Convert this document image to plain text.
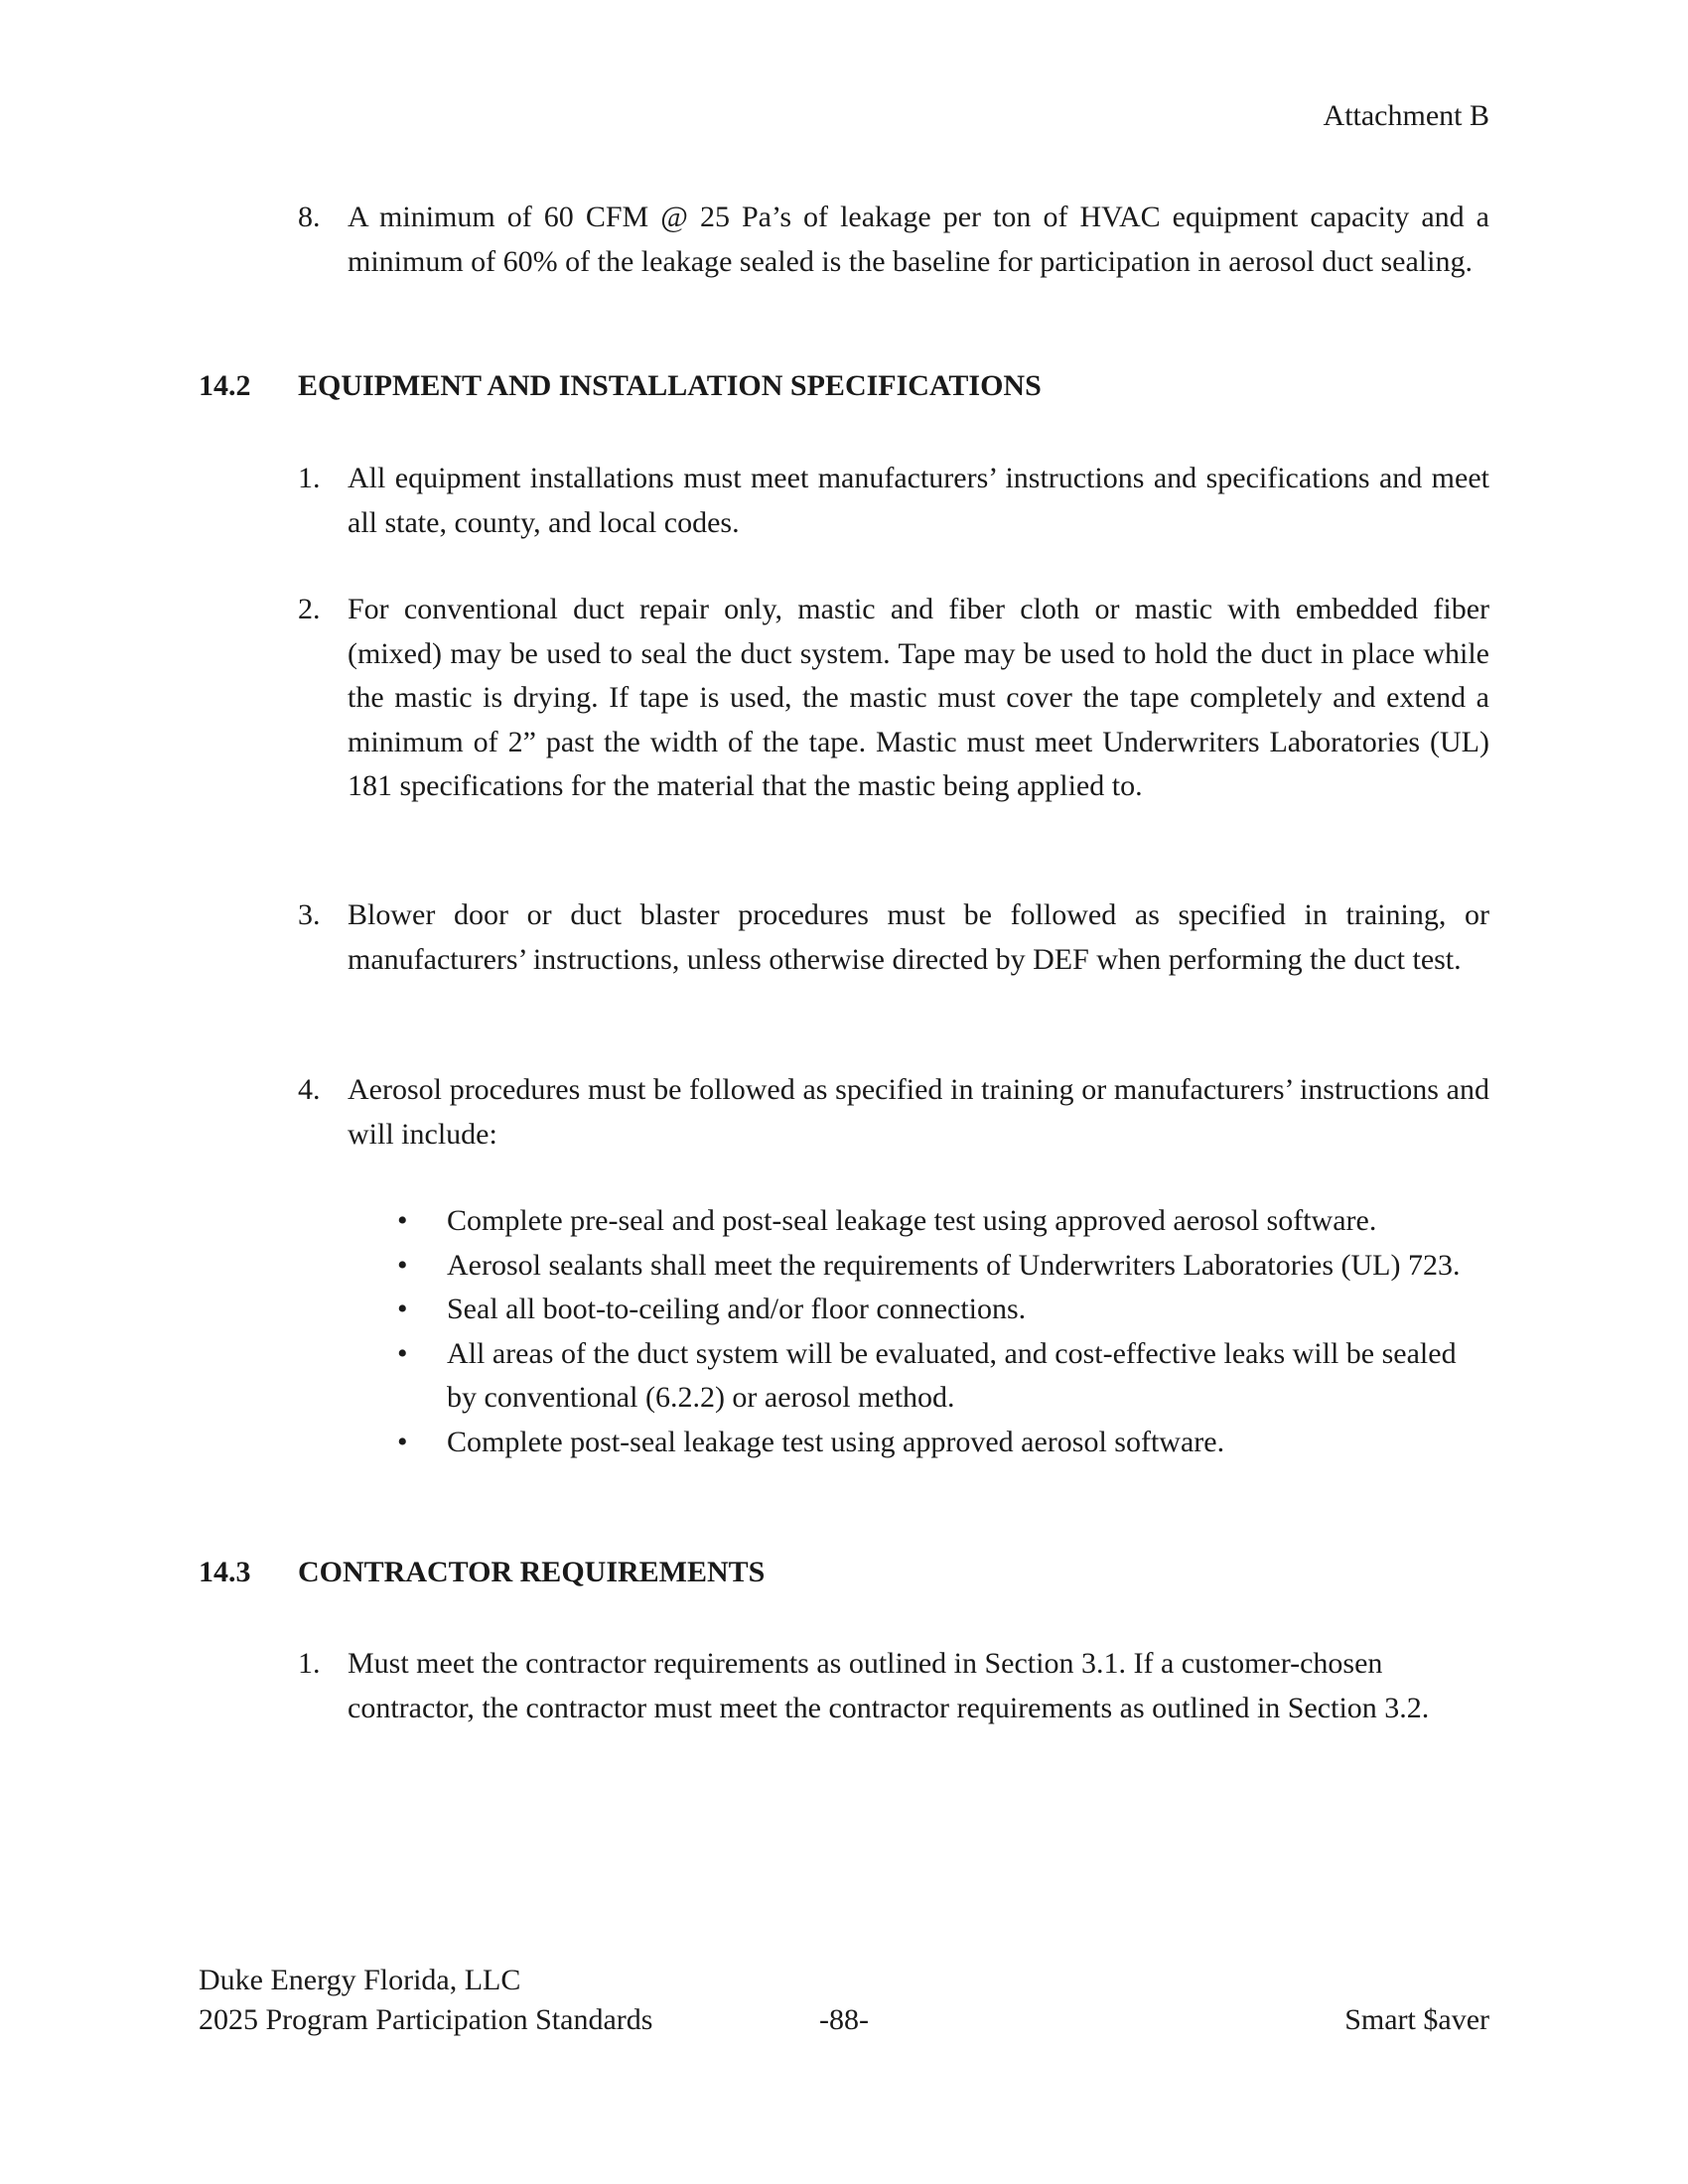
Attachment B
8. A minimum of 60 CFM @ 25 Pa’s of leakage per ton of HVAC equipment capacity and a minimum of 60% of the leakage sealed is the baseline for participation in aerosol duct sealing.
14.2	EQUIPMENT AND INSTALLATION SPECIFICATIONS
1. All equipment installations must meet manufacturers’ instructions and specifications and meet all state, county, and local codes.
2. For conventional duct repair only, mastic and fiber cloth or mastic with embedded fiber (mixed) may be used to seal the duct system. Tape may be used to hold the duct in place while the mastic is drying. If tape is used, the mastic must cover the tape completely and extend a minimum of 2” past the width of the tape. Mastic must meet Underwriters Laboratories (UL) 181 specifications for the material that the mastic being applied to.
3. Blower door or duct blaster procedures must be followed as specified in training, or manufacturers’ instructions, unless otherwise directed by DEF when performing the duct test.
4. Aerosol procedures must be followed as specified in training or manufacturers’ instructions and will include:
• Complete pre-seal and post-seal leakage test using approved aerosol software.
• Aerosol sealants shall meet the requirements of Underwriters Laboratories (UL) 723.
• Seal all boot-to-ceiling and/or floor connections.
• All areas of the duct system will be evaluated, and cost-effective leaks will be sealed by conventional (6.2.2) or aerosol method.
• Complete post-seal leakage test using approved aerosol software.
14.3	CONTRACTOR REQUIREMENTS
1. Must meet the contractor requirements as outlined in Section 3.1. If a customer-chosen contractor, the contractor must meet the contractor requirements as outlined in Section 3.2.
Duke Energy Florida, LLC
2025 Program Participation Standards	-88-	Smart $aver
